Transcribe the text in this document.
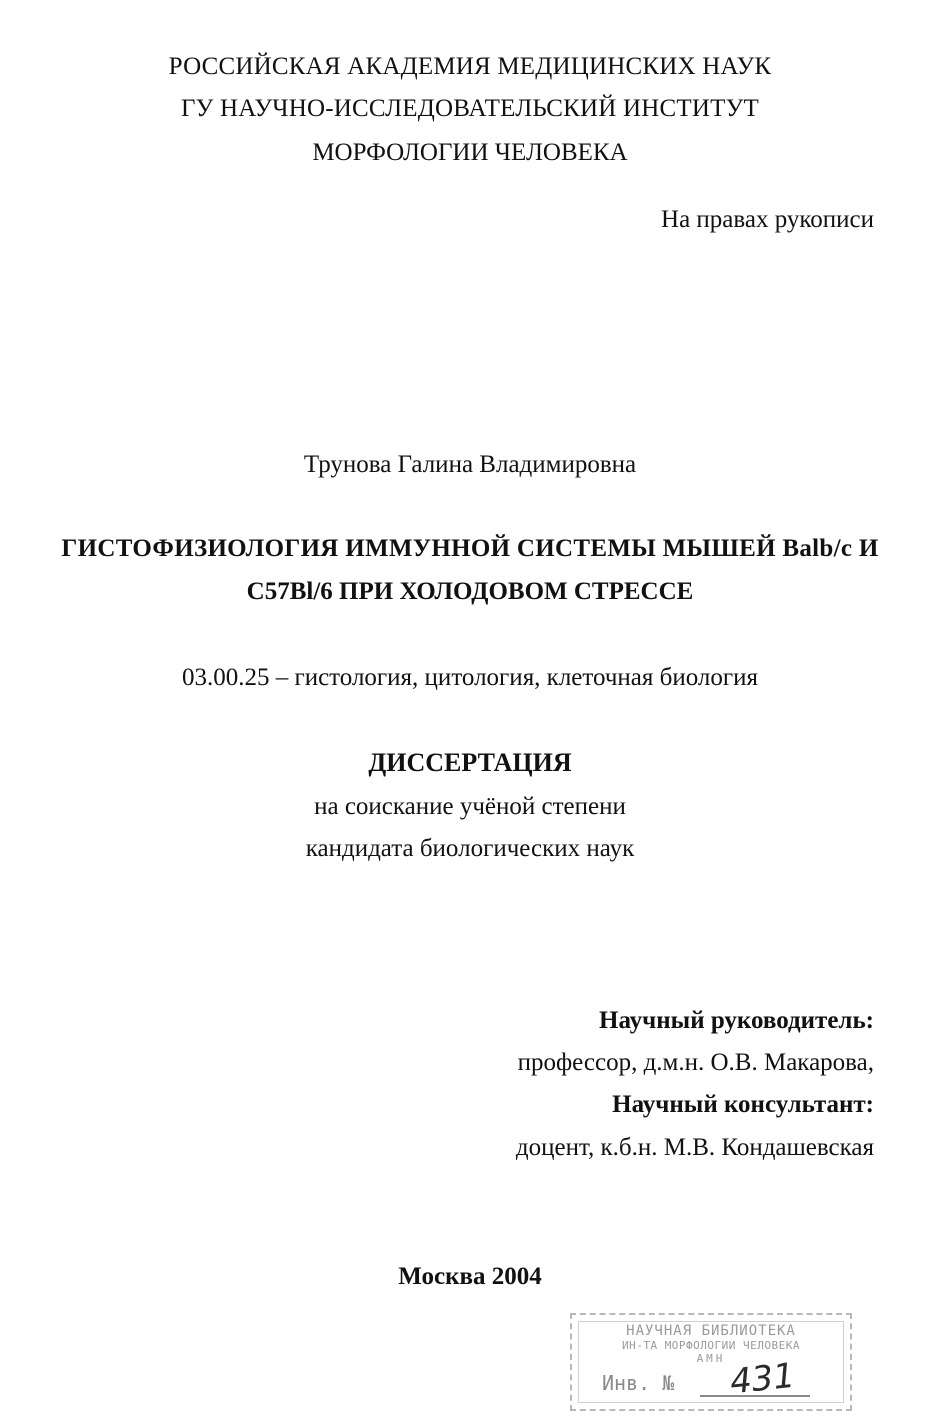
РОССИЙСКАЯ АКАДЕМИЯ МЕДИЦИНСКИХ НАУК
ГУ НАУЧНО-ИССЛЕДОВАТЕЛЬСКИЙ ИНСТИТУТ
МОРФОЛОГИИ ЧЕЛОВЕКА
На правах рукописи
Трунова Галина Владимировна
ГИСТОФИЗИОЛОГИЯ ИММУННОЙ СИСТЕМЫ МЫШЕЙ Balb/c И
C57Bl/6 ПРИ ХОЛОДОВОМ СТРЕССЕ
03.00.25 – гистология, цитология, клеточная биология
ДИССЕРТАЦИЯ
на соискание учёной степени
кандидата биологических наук
Научный руководитель:
профессор, д.м.н. О.В. Макарова,
Научный консультант:
доцент, к.б.н. М.В. Кондашевская
Москва 2004
НАУЧНАЯ БИБЛИОТЕКА
ИН-ТА МОРФОЛОГИИ ЧЕЛОВЕКА
АМН
Инв. № 431
